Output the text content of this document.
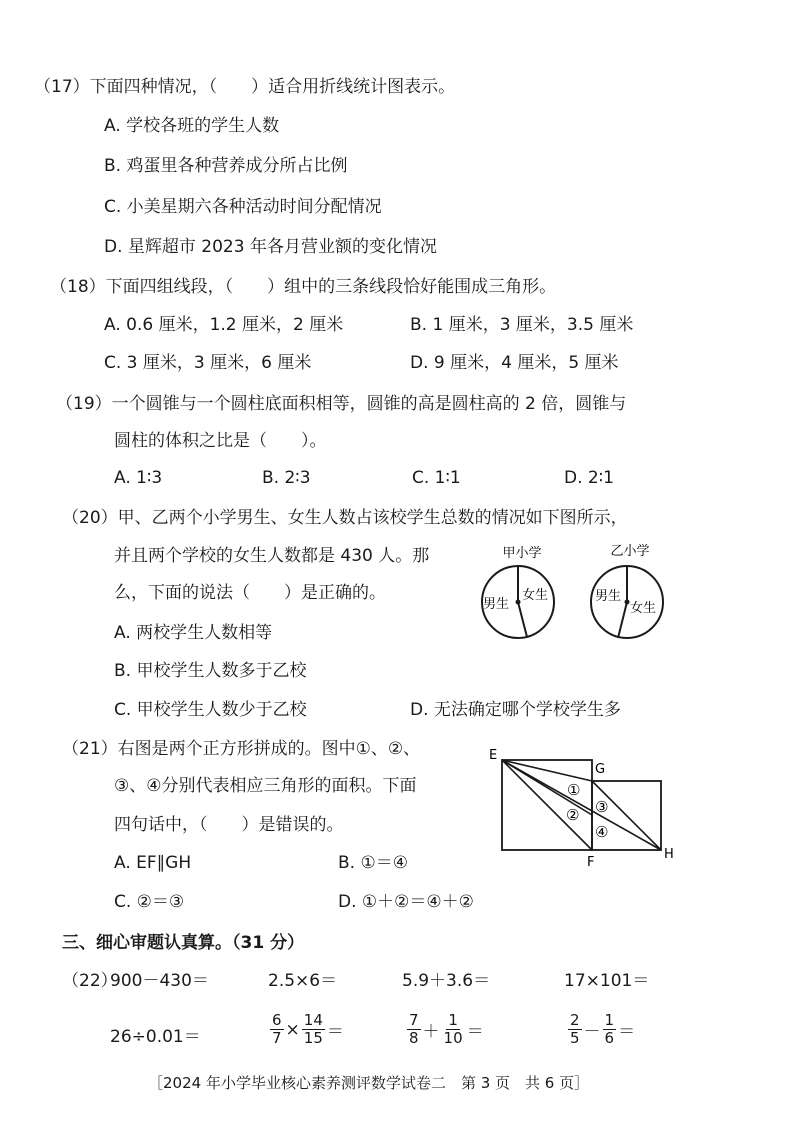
（17）下面四种情况，（　　）适合用折线统计图表示。
A. 学校各班的学生人数
B. 鸡蛋里各种营养成分所占比例
C. 小美星期六各种活动时间分配情况
D. 星辉超市 2023 年各月营业额的变化情况
（18）下面四组线段，（　　）组中的三条线段恰好能围成三角形。
A. 0.6 厘米，1.2 厘米，2 厘米	B. 1 厘米，3 厘米，3.5 厘米
C. 3 厘米，3 厘米，6 厘米	D. 9 厘米，4 厘米，5 厘米
（19）一个圆锥与一个圆柱底面积相等，圆锥的高是圆柱高的 2 倍，圆锥与
圆柱的体积之比是（　　）。
A. 1∶3	B. 2∶3	C. 1∶1	D. 2∶1
（20）甲、乙两个小学男生、女生人数占该校学生总数的情况如下图所示，
并且两个学校的女生人数都是 430 人。那
么，下面的说法（　　）是正确的。
A. 两校学生人数相等
B. 甲校学生人数多于乙校
C. 甲校学生人数少于乙校	D. 无法确定哪个学校学生多
甲小学
男生
女生
乙小学
男生
女生
（21）右图是两个正方形拼成的。图中①、②、
③、④分别代表相应三角形的面积。下面
四句话中，（　　）是错误的。
A. EF∥GH	B. ①＝④
C. ②＝③	D. ①＋②＝④＋②
E
G
F
H
①
② ③
④
三、细心审题认真算。（31 分）
（22）
900－430＝	2.5×6＝	5.9＋3.6＝	17×101＝
26÷0.01＝	$\frac{6}{7} \times \frac{14}{15}$ ＝	$\frac{7}{8} + \frac{1}{10}$ ＝	$\frac{2}{5} - \frac{1}{6}$ ＝
［2024 年小学毕业核心素养测评数学试卷二　第 3 页　共 6 页］
